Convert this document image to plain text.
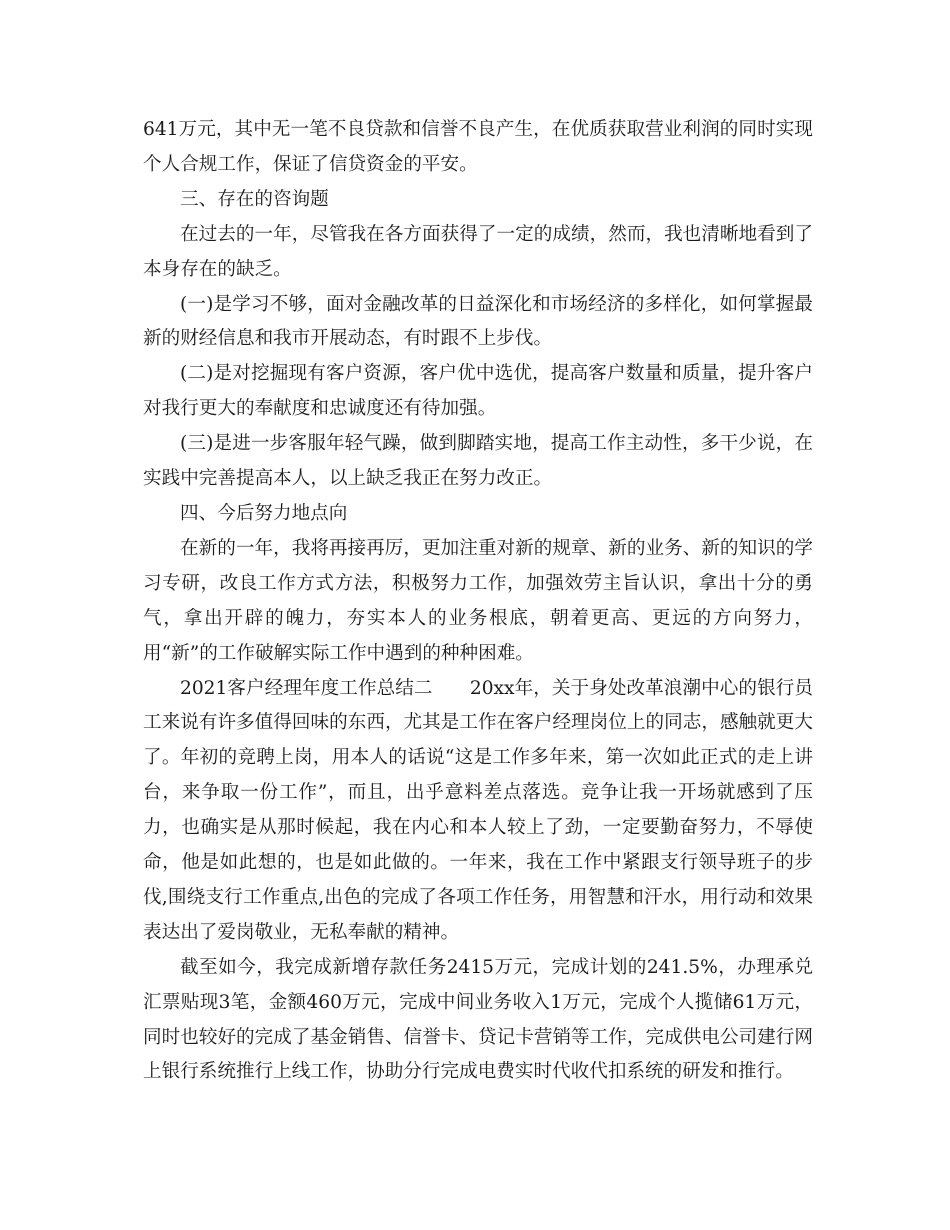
641万元，其中无一笔不良贷款和信誉不良产生，在优质获取营业利润的同时实现个人合规工作，保证了信贷资金的平安。

三、存在的咨询题

在过去的一年，尽管我在各方面获得了一定的成绩，然而，我也清晰地看到了本身存在的缺乏。

(一)是学习不够，面对金融改革的日益深化和市场经济的多样化，如何掌握最新的财经信息和我市开展动态，有时跟不上步伐。

(二)是对挖掘现有客户资源，客户优中选优，提高客户数量和质量，提升客户对我行更大的奉献度和忠诚度还有待加强。

(三)是进一步客服年轻气躁，做到脚踏实地，提高工作主动性，多干少说，在实践中完善提高本人，以上缺乏我正在努力改正。

四、今后努力地点向

在新的一年，我将再接再厉，更加注重对新的规章、新的业务、新的知识的学习专研，改良工作方式方法，积极努力工作，加强效劳主旨认识，拿出十分的勇气，拿出开辟的魄力，夯实本人的业务根底，朝着更高、更远的方向努力，用“新”的工作破解实际工作中遇到的种种困难。

2021客户经理年度工作总结二　　20xx年，关于身处改革浪潮中心的银行员工来说有许多值得回味的东西，尤其是工作在客户经理岗位上的同志，感触就更大了。年初的竞聘上岗，用本人的话说“这是工作多年来，第一次如此正式的走上讲台，来争取一份工作”，而且，出乎意料差点落选。竞争让我一开场就感到了压力，也确实是从那时候起，我在内心和本人较上了劲，一定要勤奋努力，不辱使命，他是如此想的，也是如此做的。一年来，我在工作中紧跟支行领导班子的步伐,围绕支行工作重点,出色的完成了各项工作任务，用智慧和汗水，用行动和效果表达出了爱岗敬业，无私奉献的精神。

截至如今，我完成新增存款任务2415万元，完成计划的241.5%，办理承兑汇票贴现3笔，金额460万元，完成中间业务收入1万元，完成个人揽储61万元，同时也较好的完成了基金销售、信誉卡、贷记卡营销等工作，完成供电公司建行网上银行系统推行上线工作，协助分行完成电费实时代收代扣系统的研发和推行。
